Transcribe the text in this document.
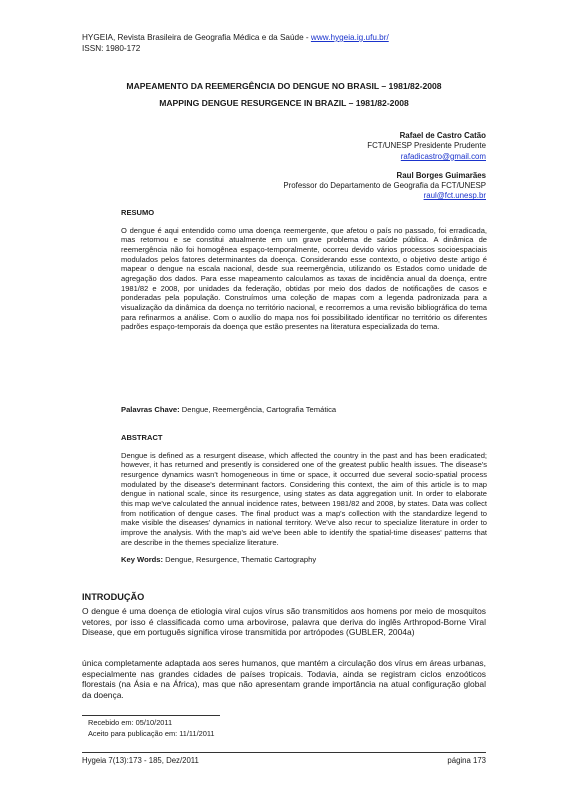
HYGEIA, Revista Brasileira de Geografia Médica e da Saúde - www.hygeia.ig.ufu.br/
ISSN: 1980-172
MAPEAMENTO DA REEMERGÊNCIA DO DENGUE NO BRASIL – 1981/82-2008
MAPPING DENGUE RESURGENCE IN BRAZIL – 1981/82-2008
Rafael de Castro Catão
FCT/UNESP Presidente Prudente
rafadicastro@gmail.com
Raul Borges Guimarães
Professor do Departamento de Geografia da FCT/UNESP
raul@fct.unesp.br
RESUMO

O dengue é aqui entendido como uma doença reemergente, que afetou o país no passado, foi erradicada, mas retornou e se constitui atualmente em um grave problema de saúde pública. A dinâmica de reemergência não foi homogênea espaço-temporalmente, ocorreu devido vários processos socioespaciais modulados pelos fatores determinantes da doença. Considerando esse contexto, o objetivo deste artigo é mapear o dengue na escala nacional, desde sua reemergência, utilizando os Estados como unidade de agregação dos dados. Para esse mapeamento calculamos as taxas de incidência anual da doença, entre 1981/82 e 2008, por unidades da federação, obtidas por meio dos dados de notificações de casos e ponderadas pela população. Construímos uma coleção de mapas com a legenda padronizada para a visualização da dinâmica da doença no território nacional, e recorremos a uma revisão bibliográfica do tema para refinarmos a análise. Com o auxílio do mapa nos foi possibilitado identificar no território os diferentes padrões espaço-temporais da doença que estão presentes na literatura especializada do tema.

Palavras Chave: Dengue, Reemergência, Cartografia Temática
ABSTRACT

Dengue is defined as a resurgent disease, which affected the country in the past and has been eradicated; however, it has returned and presently is considered one of the greatest public health issues. The disease's resurgence dynamics wasn't homogeneous in time or space, it occurred due several socio-spatial process modulated by the disease's determinant factors. Considering this context, the aim of this article is to map dengue in national scale, since its resurgence, using states as data aggregation unit. In order to elaborate this map we've calculated the annual incidence rates, between 1981/82 and 2008, by states. Data was collect from notification of dengue cases. The final product was a map's collection with the standardize legend to make visible the diseases' dynamics in national territory. We've also recur to specialize literature in order to improve the analysis. With the map's aid we've been able to identify the spatial-time diseases' patterns that are describe in the themes specialize literature.

Key Words: Dengue, Resurgence, Thematic Cartography
INTRODUÇÃO

O dengue é uma doença de etiologia viral cujos vírus são transmitidos aos homens por meio de mosquitos vetores, por isso é classificada como uma arbovirose, palavra que deriva do inglês Arthropod-Borne Viral Disease, que em português significa virose transmitida por artrópodes (GUBLER, 2004a)

única completamente adaptada aos seres humanos, que mantém a circulação dos vírus em áreas urbanas, especialmente nas grandes cidades de países tropicais. Todavia, ainda se registram ciclos enzoóticos florestais (na Ásia e na África), mas que não apresentam grande importância na atual configuração global da doença.

Recebido em: 05/10/2011
Aceito para publicação em: 11/11/2011
Hygeia 7(13):173 - 185, Dez/2011	página 173
